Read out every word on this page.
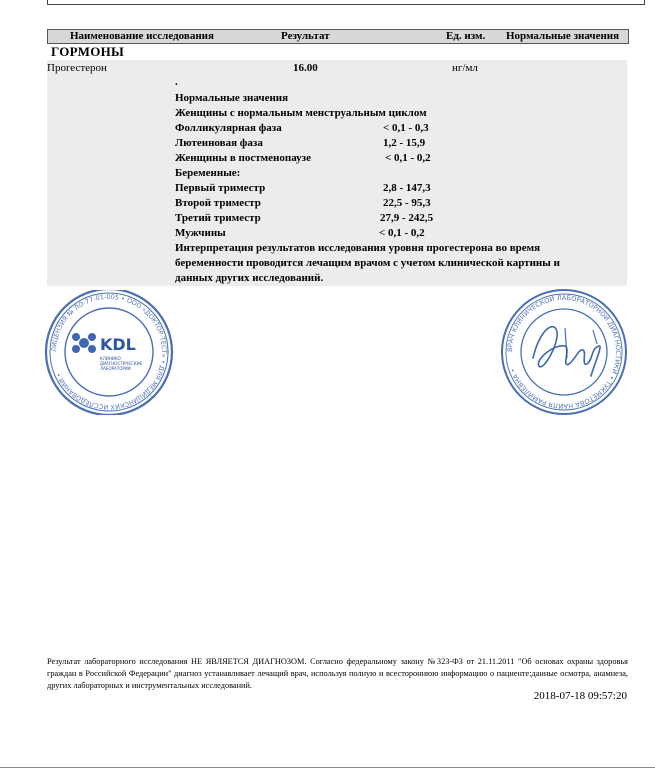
Наименование исследования	Результат	Ед. изм. Нормальные значения
ГОРМОНЫ
Прогестерон	16.00	нг/мл
.
Нормальные значения
Женщины с нормальным менструальным циклом
Фолликулярная фаза	< 0,1 - 0,3
Лютеиновая фаза	1,2 - 15,9
Женщины в постменопаузе	< 0,1 - 0,2
Беременные:
Первый триместр	2,8 - 147,3
Второй триместр	22,5 - 95,3
Третий триместр	27,9 - 242,5
Мужчины	< 0,1 - 0,2
Интерпретация результатов исследования уровня прогестерона во время
беременности проводится лечащим врачом с учетом клинической картины и
данных других исследований.
ЛИЦЕНЗИЯ № ЛО-77-01-005 • ООО «ДОКТОР-ТЕСТ» • ДЛЯ МЕДИЦИНСКИХ ИССЛЕДОВАНИЙ •
KDL
КЛИНИКО
ДИАГНОСТИЧЕСКИЕ
ЛАБОРАТОРИИ
ВРАЧ КЛИНИЧЕСКОЙ ЛАБОРАТОРНОЙ ДИАГНОСТИКИ • ТУКМЕТОВА НАЙЛЯ РАМИЛЕВНА •
Результат лабораторного исследования НЕ ЯВЛЯЕТСЯ ДИАГНОЗОМ. Согласно федеральному закону №323-ФЗ от 21.11.2011 "Об основах охраны здоровья граждан в Российской Федерации" диагноз устанавливает лечащий врач, используя полную и всестороннюю информацию о пациенте:данные осмотра, анамнеза, других лабораторных и инструментальных исследований.
2018-07-18 09:57:20
